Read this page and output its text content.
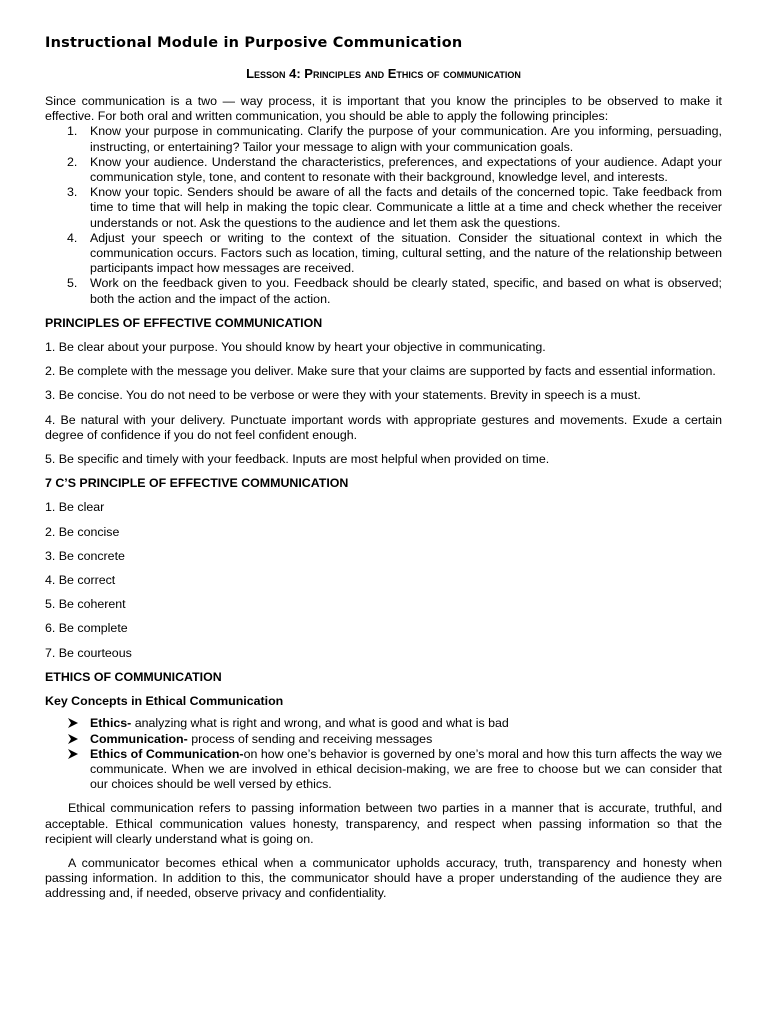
Instructional Module in Purposive Communication
Lesson 4: Principles and Ethics of communication

Since communication is a two — way process, it is important that you know the principles to be observed to make it effective. For both oral and written communication, you should be able to apply the following principles:

1. Know your purpose in communicating. Clarify the purpose of your communication. Are you informing, persuading, instructing, or entertaining? Tailor your message to align with your communication goals.
2. Know your audience. Understand the characteristics, preferences, and expectations of your audience. Adapt your communication style, tone, and content to resonate with their background, knowledge level, and interests.
3. Know your topic. Senders should be aware of all the facts and details of the concerned topic. Take feedback from time to time that will help in making the topic clear. Communicate a little at a time and check whether the receiver understands or not. Ask the questions to the audience and let them ask the questions.
4. Adjust your speech or writing to the context of the situation. Consider the situational context in which the communication occurs. Factors such as location, timing, cultural setting, and the nature of the relationship between participants impact how messages are received.
5. Work on the feedback given to you. Feedback should be clearly stated, specific, and based on what is observed; both the action and the impact of the action.
PRINCIPLES OF EFFECTIVE COMMUNICATION

1. Be clear about your purpose. You should know by heart your objective in communicating.

2. Be complete with the message you deliver. Make sure that your claims are supported by facts and essential information.

3. Be concise. You do not need to be verbose or were they with your statements. Brevity in speech is a must.

4. Be natural with your delivery. Punctuate important words with appropriate gestures and movements. Exude a certain degree of confidence if you do not feel confident enough.

5. Be specific and timely with your feedback. Inputs are most helpful when provided on time.

7 C’S PRINCIPLE OF EFFECTIVE COMMUNICATION

1. Be clear

2. Be concise

3. Be concrete

4. Be correct

5. Be coherent

6. Be complete

7. Be courteous

ETHICS OF COMMUNICATION
Key Concepts in Ethical Communication
Ethics- analyzing what is right and wrong, and what is good and what is bad
Communication- process of sending and receiving messages
Ethics of Communication-on how one’s behavior is governed by one’s moral and how this turn affects the way we communicate. When we are involved in ethical decision-making, we are free to choose but we can consider that our choices should be well versed by ethics.

Ethical communication refers to passing information between two parties in a manner that is accurate, truthful, and acceptable. Ethical communication values honesty, transparency, and respect when passing information so that the recipient will clearly understand what is going on.

A communicator becomes ethical when a communicator upholds accuracy, truth, transparency and honesty when passing information. In addition to this, the communicator should have a proper understanding of the audience they are addressing and, if needed, observe privacy and confidentiality.
